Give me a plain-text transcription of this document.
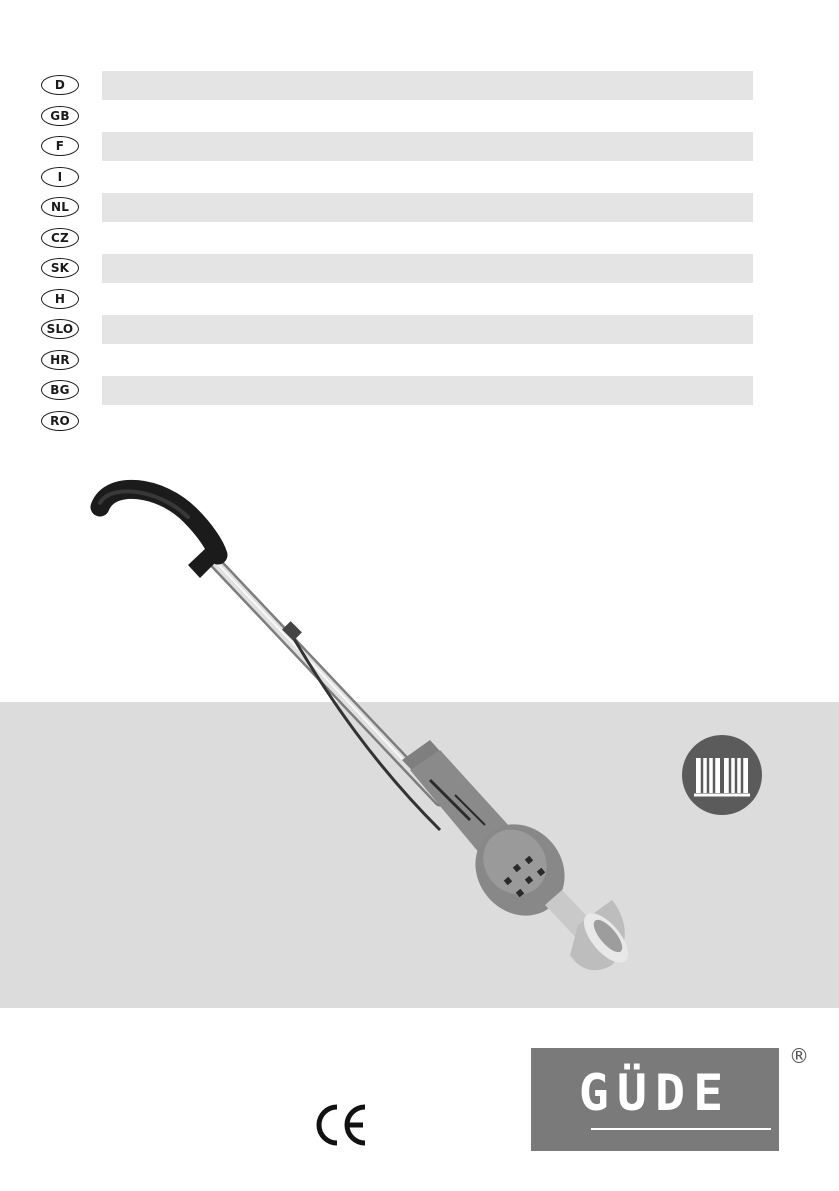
D
GB
F
I
NL
CZ
SK
H
SLO
HR
BG
RO
GÜDE
®
